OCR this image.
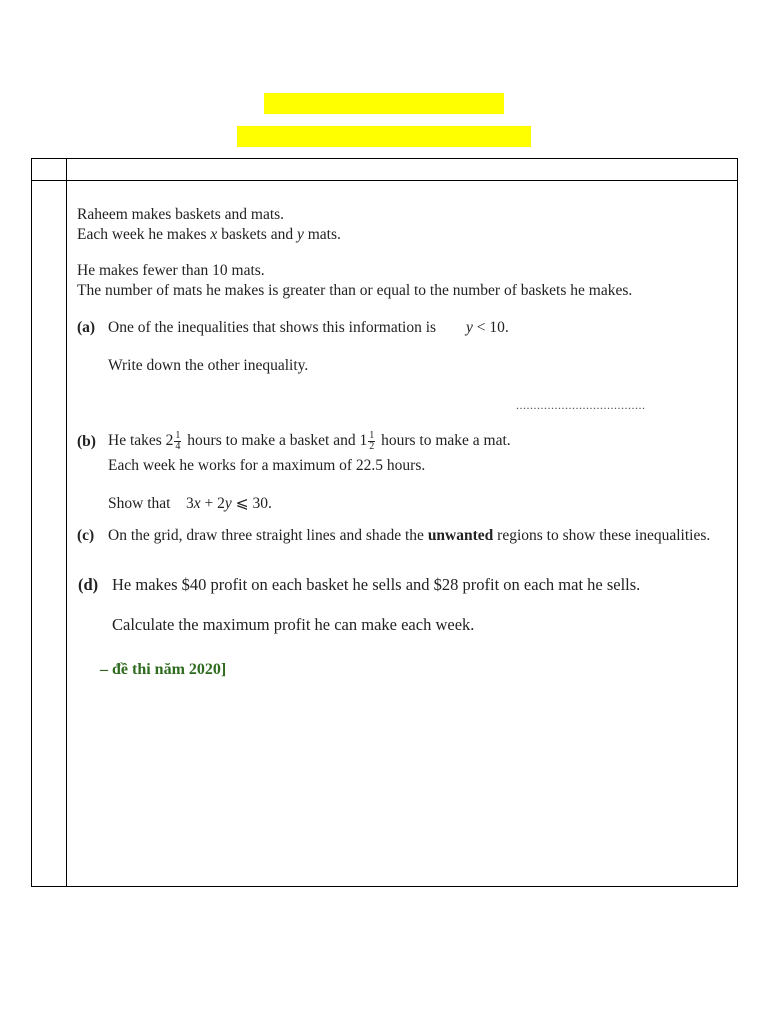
Raheem makes baskets and mats.
Each week he makes x baskets and y mats.
He makes fewer than 10 mats.
The number of mats he makes is greater than or equal to the number of baskets he makes.
(a) One of the inequalities that shows this information is y < 10.
Write down the other inequality.
.....................................
(b) He takes $2 \frac{1}{4}$ hours to make a basket and $1 \frac{1}{2}$ hours to make a mat.
Each week he works for a maximum of 22.5 hours.
Show that 3x + 2y ⩽ 30.
(c) On the grid, draw three straight lines and shade the unwanted regions to show these inequalities.
(d) He makes $40 profit on each basket he sells and $28 profit on each mat he sells.
Calculate the maximum profit he can make each week.
– đề thi năm 2020]
